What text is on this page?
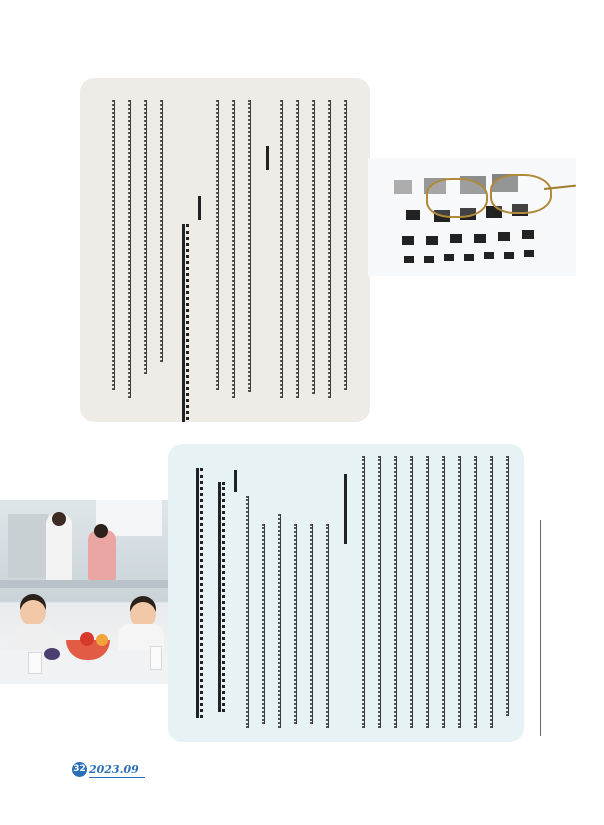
32 2023.09
